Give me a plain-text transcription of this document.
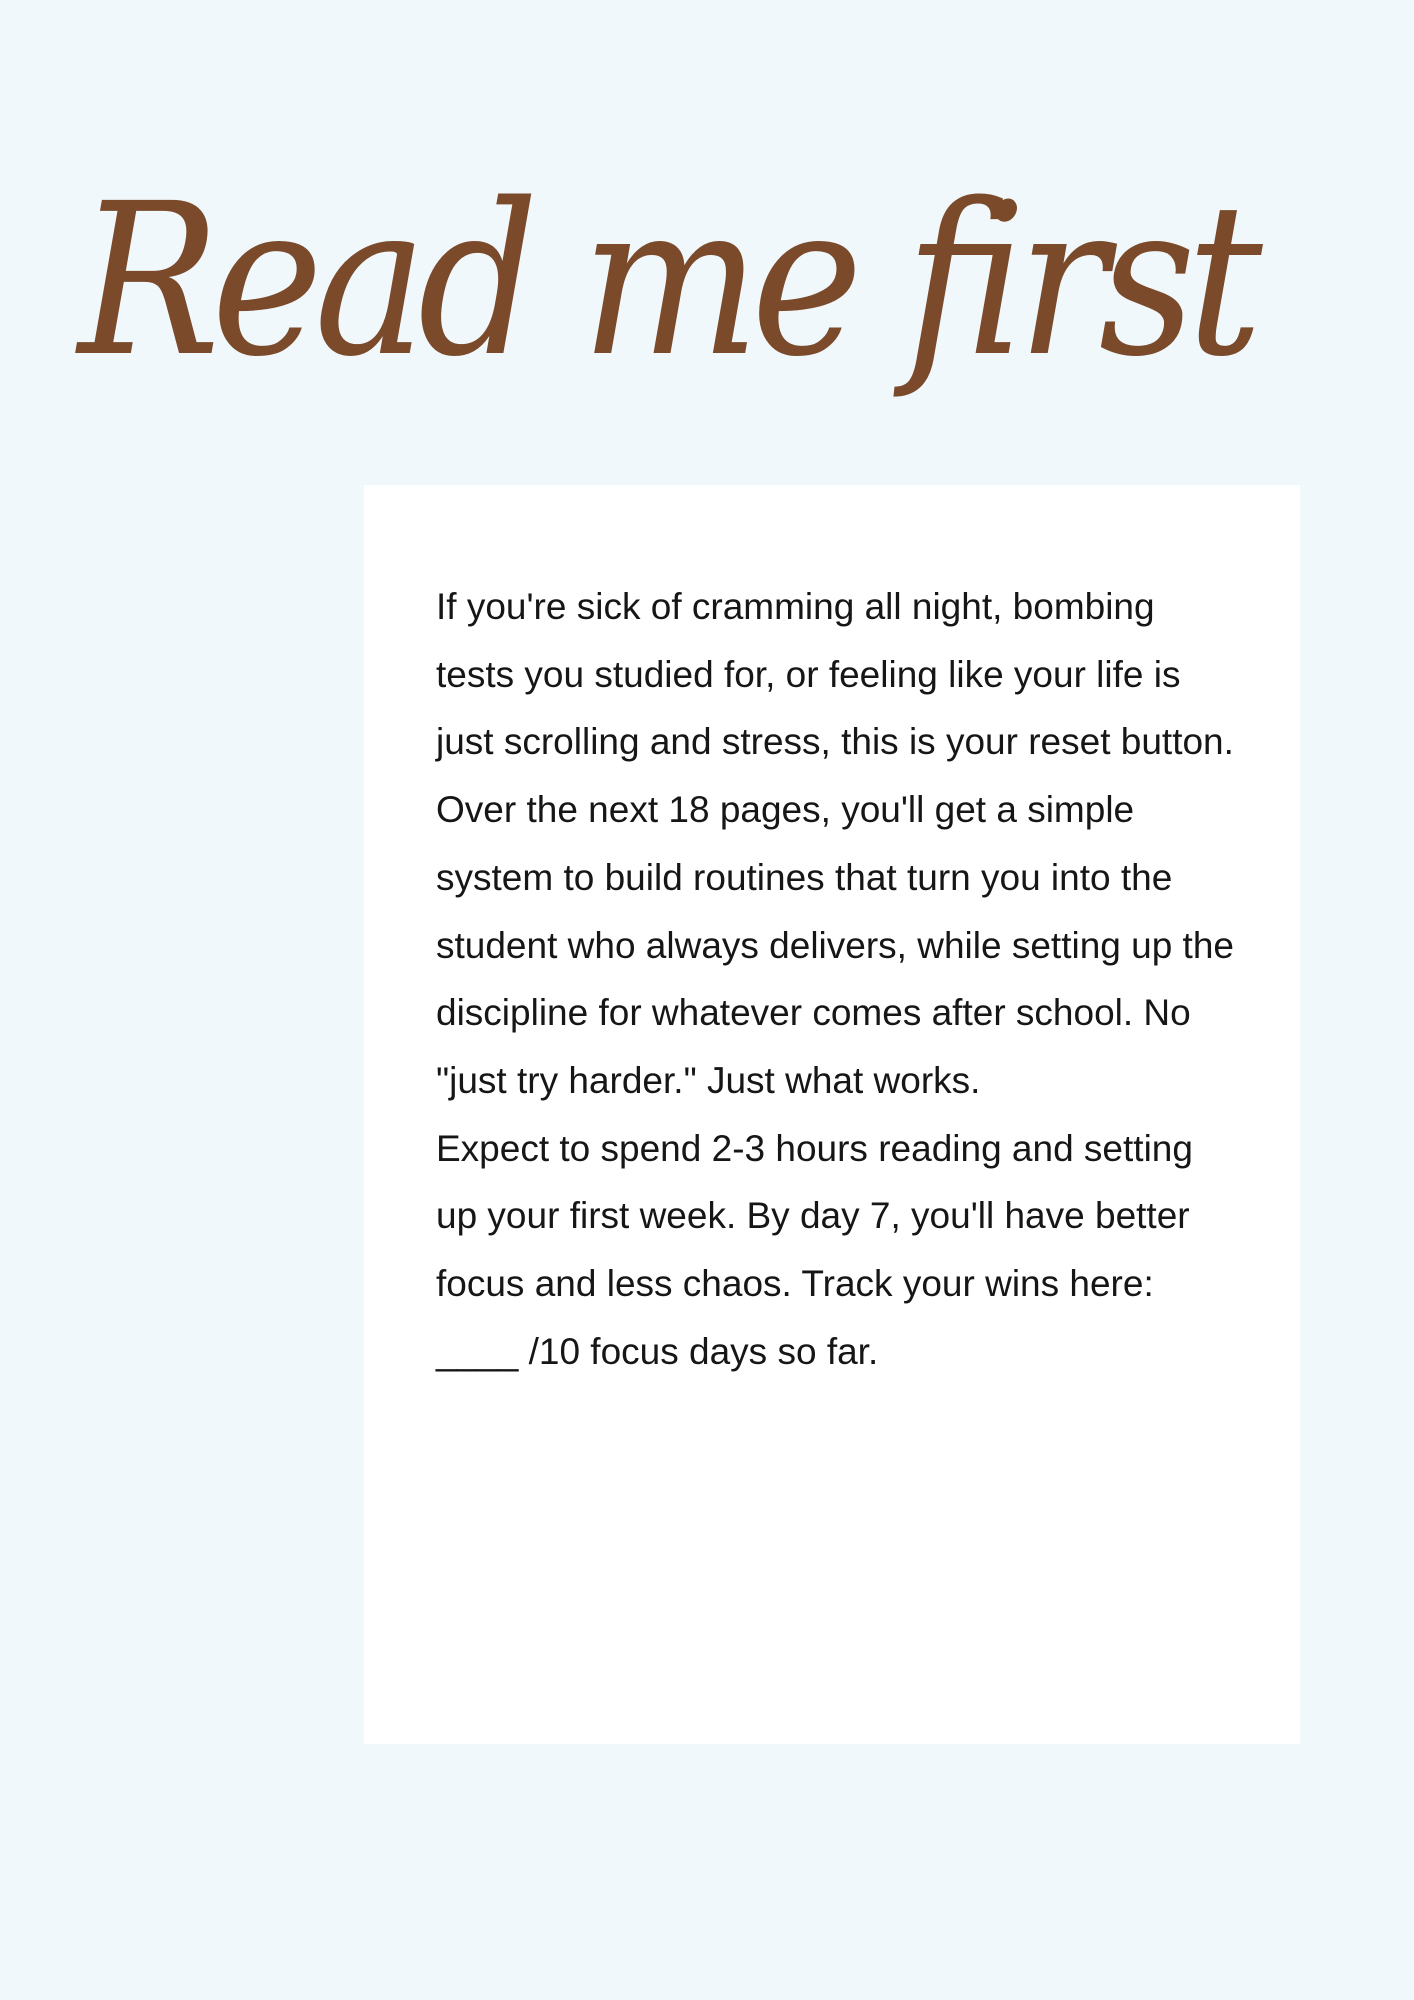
Read me first

If you're sick of cramming all night, bombing tests you studied for, or feeling like your life is just scrolling and stress, this is your reset button. Over the next 18 pages, you'll get a simple system to build routines that turn you into the student who always delivers, while setting up the discipline for whatever comes after school. No "just try harder." Just what works.

Expect to spend 2-3 hours reading and setting up your first week. By day 7, you'll have better focus and less chaos. Track your wins here: ____ /10 focus days so far.
